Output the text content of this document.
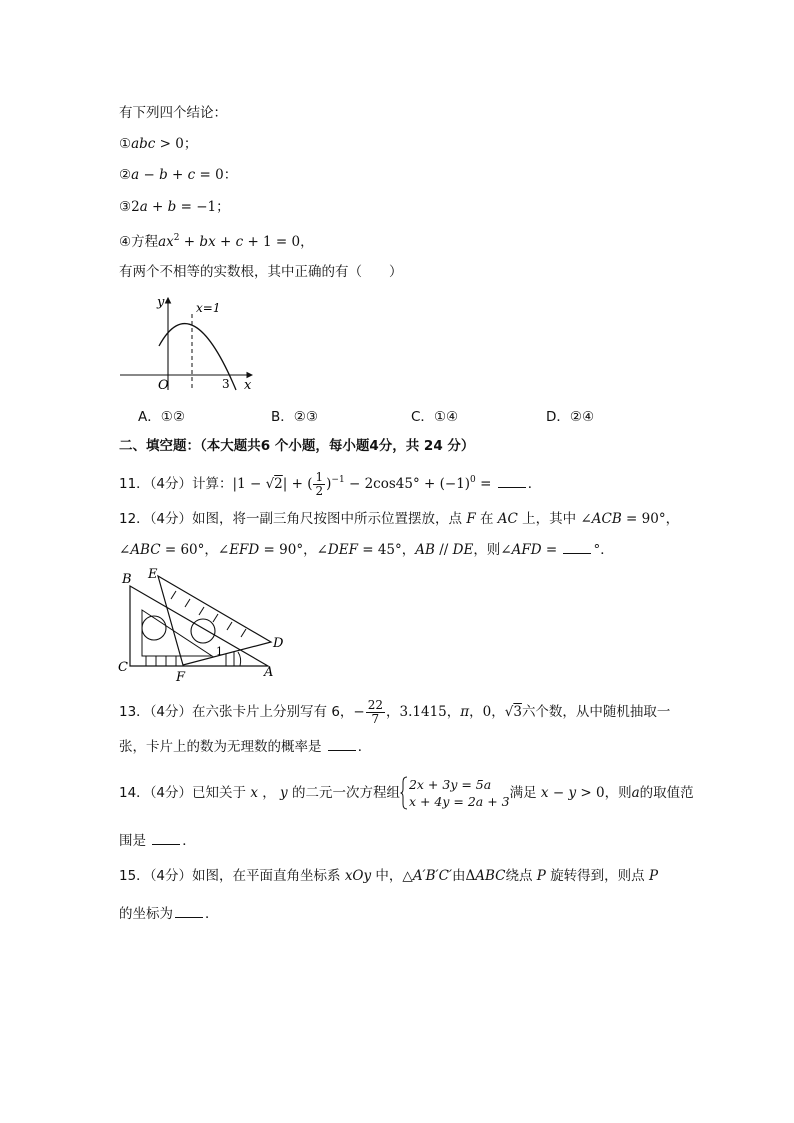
有下列四个结论：
①abc > 0；
②a − b + c = 0：
③2a + b = −1；
④方程$ax^2$ + bx + c + 1 = 0，
有两个不相等的实数根，其中正确的有（　　）
y
x
O	3
x=1
A．①②	B．②③	C．①④	D．②④
二、填空题：（本大题共6 个小题，每小题4分，共 24 分）
11．（4分）计算：|1 − √2| + ( $\frac{1}{2} )^{-1} - 2\cos 45^\circ + (-1)^0$ = ．
12．（4分）如图，将一副三角尺按图中所示位置摆放，点 F 在 AC 上，其中 ∠ACB = 90°，
∠ABC = 60°，∠EFD = 90°，∠DEF = 45°，AB // DE，则∠AFD = °．
B E
C
F	A
D
1
13．（4分）在六张卡片上分别写有 6，− $\frac{22}{7}$ ，3.1415，π，0，√3六个数，从中随机抽取一
张，卡片上的数为无理数的概率是	．
14．（4分）已知关于 x ， y 的二元一次方程组
2x + 3y = 5a
x + 4y = 2a + 3
满足 x − y > 0，则a的取值范
围是	．
15．（4分）如图，在平面直角坐标系 xOy 中，△A′B′C′由ΔABC绕点 P 旋转得到，则点 P
的坐标为 ．
